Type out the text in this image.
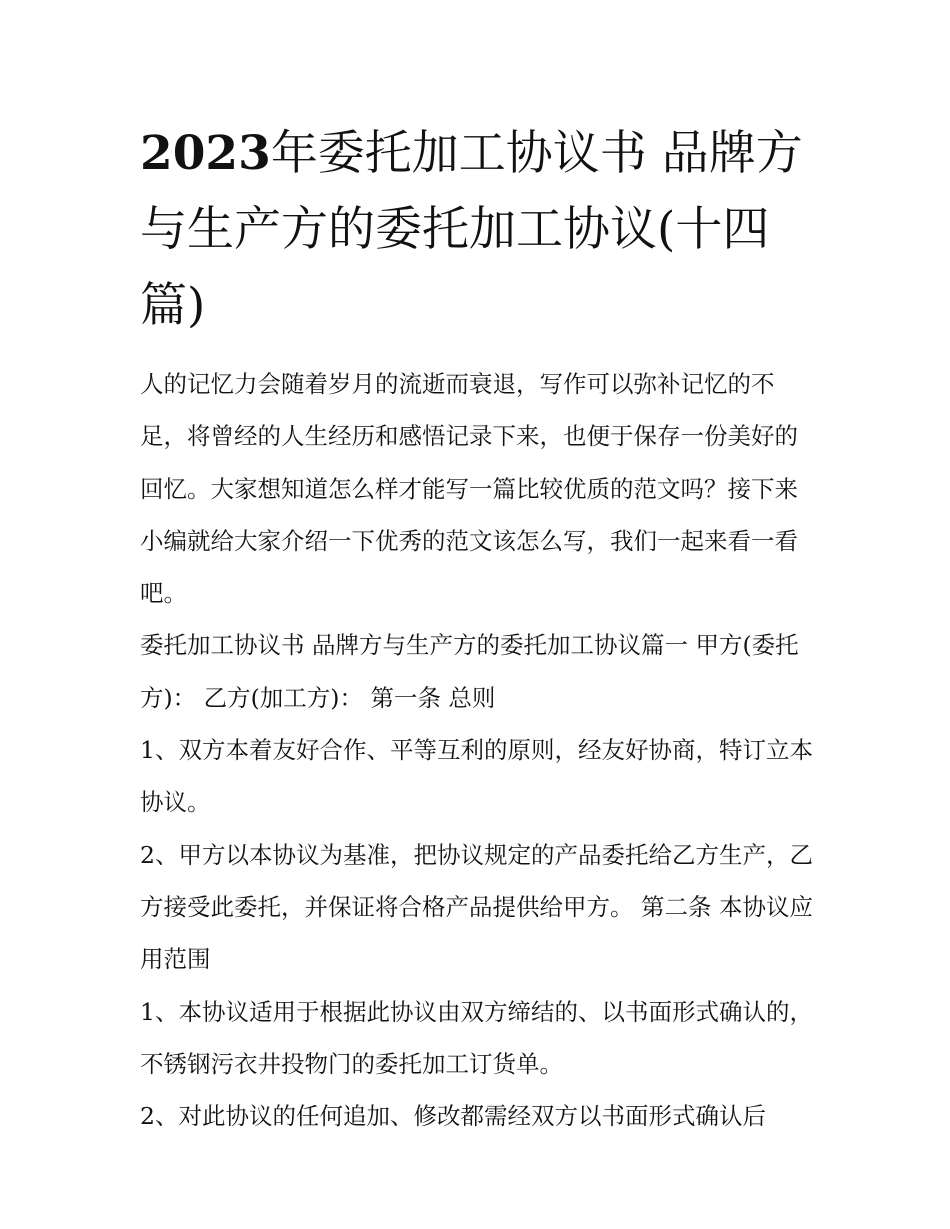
2023年委托加工协议书 品牌方与生产方的委托加工协议(十四篇)

人的记忆力会随着岁月的流逝而衰退，写作可以弥补记忆的不足，将曾经的人生经历和感悟记录下来，也便于保存一份美好的回忆。大家想知道怎么样才能写一篇比较优质的范文吗？接下来小编就给大家介绍一下优秀的范文该怎么写，我们一起来看一看吧。

委托加工协议书 品牌方与生产方的委托加工协议篇一 甲方(委托方)： 乙方(加工方)： 第一条 总则

1、双方本着友好合作、平等互利的原则，经友好协商，特订立本协议。

2、甲方以本协议为基准，把协议规定的产品委托给乙方生产，乙方接受此委托，并保证将合格产品提供给甲方。 第二条 本协议应用范围

1、本协议适用于根据此协议由双方缔结的、以书面形式确认的，不锈钢污衣井投物门的委托加工订货单。

2、对此协议的任何追加、修改都需经双方以书面形式确认后
